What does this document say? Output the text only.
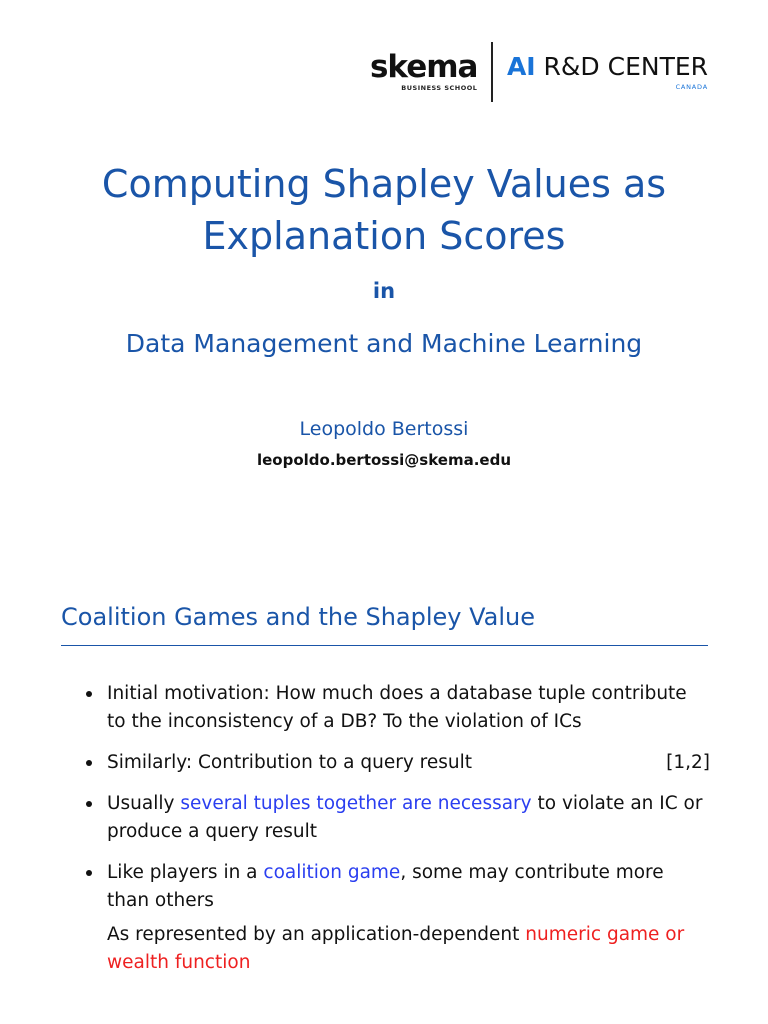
skema
BUSINESS SCHOOL
AI R&D CENTER
CANADA
Computing Shapley Values as
Explanation Scores
in
Data Management and Machine Learning
Leopoldo Bertossi
leopoldo.bertossi@skema.edu
Coalition Games and the Shapley Value
Initial motivation: How much does a database tuple contribute to the inconsistency of a DB? To the violation of ICs
Similarly: Contribution to a query result	[1,2]
Usually several tuples together are necessary to violate an IC or produce a query result
Like players in a coalition game, some may contribute more than others
As represented by an application-dependent numeric game or wealth function
